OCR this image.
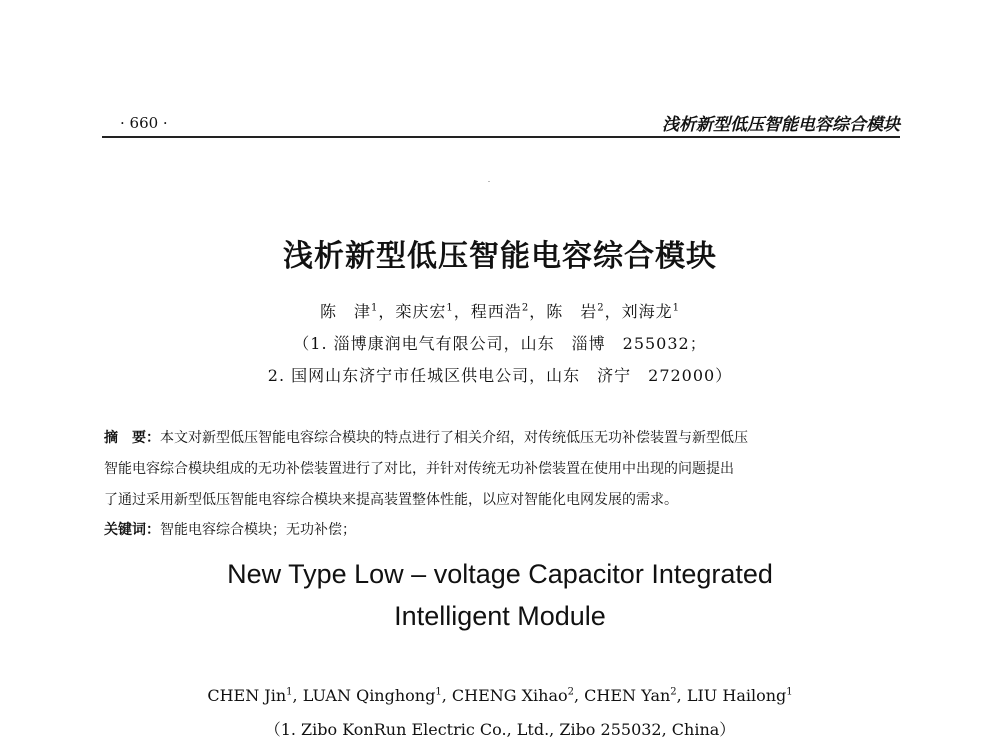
· 660 ·	浅析新型低压智能电容综合模块
浅析新型低压智能电容综合模块
陈　津$^1$，栾庆宏$^1$，程西浩$^2$，陈　岩$^2$，刘海龙$^1$
（1. 淄博康润电气有限公司，山东　淄博　255032；
2. 国网山东济宁市任城区供电公司，山东　济宁　272000）
摘　要：本文对新型低压智能电容综合模块的特点进行了相关介绍，对传统低压无功补偿装置与新型低压
智能电容综合模块组成的无功补偿装置进行了对比，并针对传统无功补偿装置在使用中出现的问题提出
了通过采用新型低压智能电容综合模块来提高装置整体性能，以应对智能化电网发展的需求。
关键词：智能电容综合模块；无功补偿；
New Type Low – voltage Capacitor Integrated
Intelligent Module
CHEN Jin$^1$, LUAN Qinghong$^1$, CHENG Xihao$^2$, CHEN Yan$^2$, LIU Hailong$^1$
（1. Zibo KonRun Electric Co., Ltd., Zibo 255032, China）
